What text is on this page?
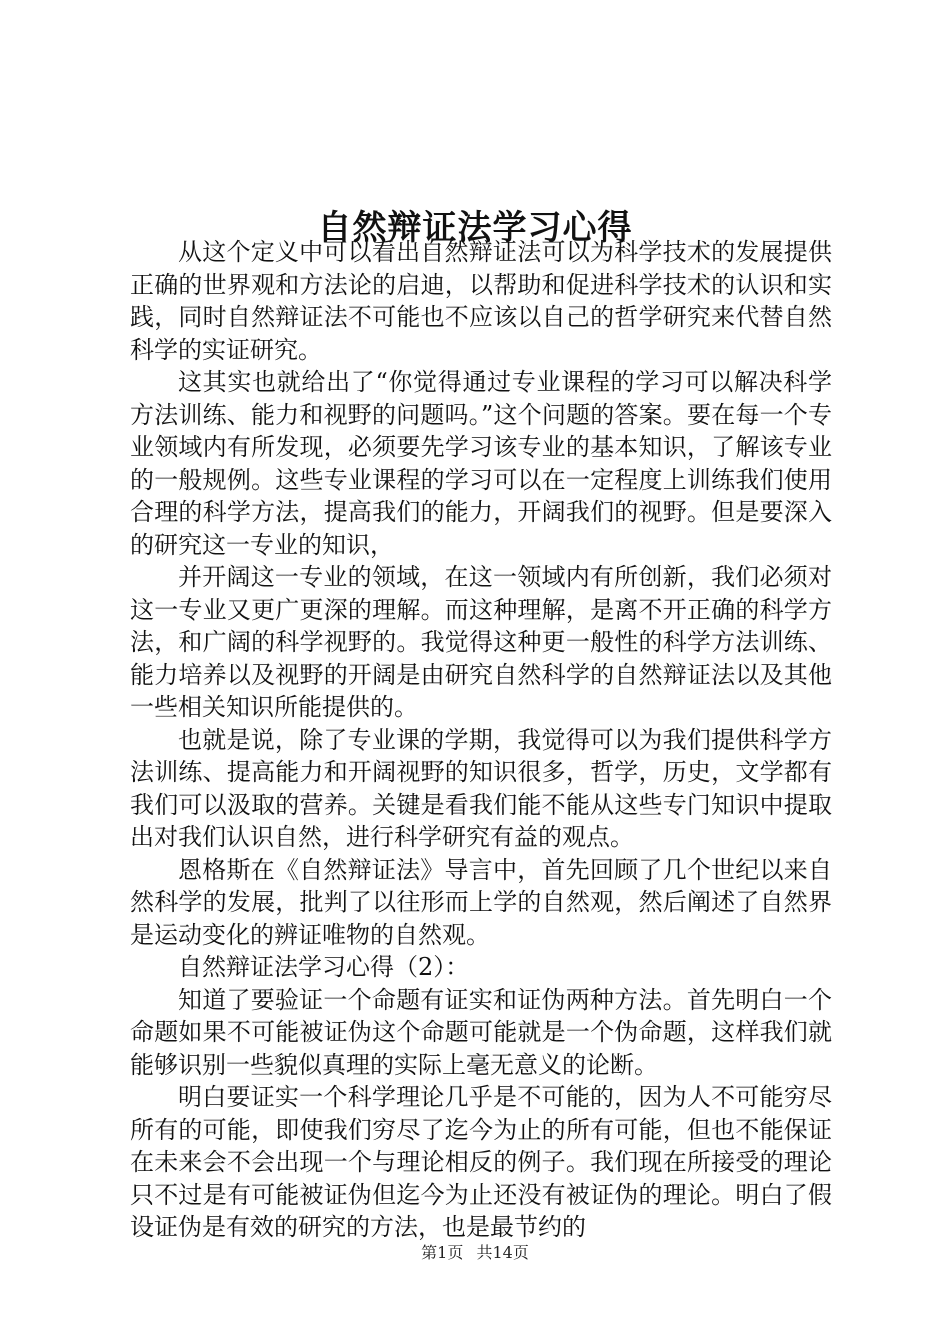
自然辩证法学习心得

从这个定义中可以看出自然辩证法可以为科学技术的发展提供正确的世界观和方法论的启迪，以帮助和促进科学技术的认识和实践，同时自然辩证法不可能也不应该以自己的哲学研究来代替自然科学的实证研究。

这其实也就给出了“你觉得通过专业课程的学习可以解决科学方法训练、能力和视野的问题吗。”这个问题的答案。要在每一个专业领域内有所发现，必须要先学习该专业的基本知识，了解该专业的一般规例。这些专业课程的学习可以在一定程度上训练我们使用合理的科学方法，提高我们的能力，开阔我们的视野。但是要深入的研究这一专业的知识，

并开阔这一专业的领域，在这一领域内有所创新，我们必须对这一专业又更广更深的理解。而这种理解，是离不开正确的科学方法，和广阔的科学视野的。我觉得这种更一般性的科学方法训练、能力培养以及视野的开阔是由研究自然科学的自然辩证法以及其他一些相关知识所能提供的。

也就是说，除了专业课的学期，我觉得可以为我们提供科学方法训练、提高能力和开阔视野的知识很多，哲学，历史，文学都有我们可以汲取的营养。关键是看我们能不能从这些专门知识中提取出对我们认识自然，进行科学研究有益的观点。

恩格斯在《自然辩证法》导言中，首先回顾了几个世纪以来自然科学的发展，批判了以往形而上学的自然观，然后阐述了自然界是运动变化的辨证唯物的自然观。

自然辩证法学习心得（2）：

知道了要验证一个命题有证实和证伪两种方法。首先明白一个命题如果不可能被证伪这个命题可能就是一个伪命题，这样我们就能够识别一些貌似真理的实际上毫无意义的论断。

明白要证实一个科学理论几乎是不可能的，因为人不可能穷尽所有的可能，即使我们穷尽了迄今为止的所有可能，但也不能保证在未来会不会出现一个与理论相反的例子。我们现在所接受的理论只不过是有可能被证伪但迄今为止还没有被证伪的理论。明白了假设证伪是有效的研究的方法，也是最节约的

第1页 共14页
